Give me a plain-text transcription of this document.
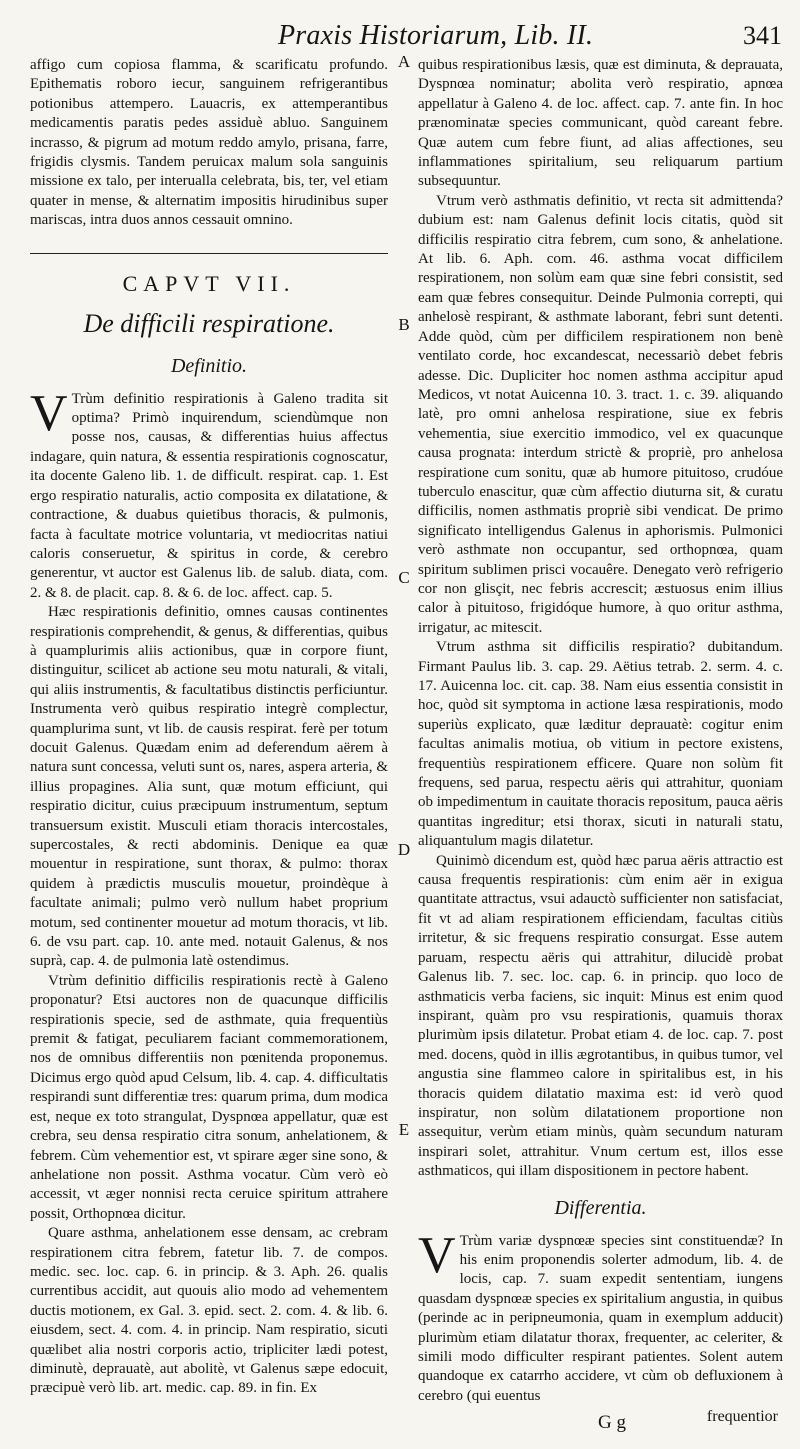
Praxis Historiarum, Lib. II.	341

affigo cum copiosa flamma, & scarificatu profundo. Epithematis roboro iecur, sanguinem refrigerantibus potionibus attempero. Lauacris, ex attemperantibus medicamentis paratis pedes assiduè abluo. Sanguinem incrasso, & pigrum ad motum reddo amylo, prisana, farre, frigidis clysmis. Tandem peruicax malum sola sanguinis missione ex talo, per interualla celebrata, bis, ter, vel etiam quater in mense, & alternatim impositis hirudinibus super mariscas, intra duos annos cessauit omnino.

CAPVT VII.
De difficili respiratione.
Definitio.

V Trùm definitio respirationis à Galeno tradita sit optima? Primò inquirendum, sciendùmque non posse nos, causas, & differentias huius affectus indagare, quin natura, & essentia respirationis cognoscatur, ita docente Galeno lib. 1. de difficult. respirat. cap. 1. Est ergo respiratio naturalis, actio composita ex dilatatione, & contractione, & duabus quietibus thoracis, & pulmonis, facta à facultate motrice voluntaria, vt mediocritas natiui caloris conseruetur, & spiritus in corde, & cerebro generentur, vt auctor est Galenus lib. de salub. diata, com. 2. & 8. de placit. cap. 8. & 6. de loc. affect. cap. 5.

Hæc respirationis definitio, omnes causas continentes respirationis comprehendit, & genus, & differentias, quibus à quamplurimis aliis actionibus, quæ in corpore fiunt, distinguitur, scilicet ab actione seu motu naturali, & vitali, qui aliis instrumentis, & facultatibus distinctis perficiuntur. Instrumenta verò quibus respiratio integrè complectur, quamplurima sunt, vt lib. de causis respirat. ferè per totum docuit Galenus. Quædam enim ad deferendum aërem à natura sunt concessa, veluti sunt os, nares, aspera arteria, & illius propagines. Alia sunt, quæ motum efficiunt, qui respiratio dicitur, cuius præcipuum instrumentum, septum transuersum existit. Musculi etiam thoracis intercostales, supercostales, & recti abdominis. Denique ea quæ mouentur in respiratione, sunt thorax, & pulmo: thorax quidem à prædictis musculis mouetur, proindèque à facultate animali; pulmo verò nullum habet proprium motum, sed continenter mouetur ad motum thoracis, vt lib. 6. de vsu part. cap. 10. ante med. notauit Galenus, & nos suprà, cap. 4. de pulmonia latè ostendimus.

Vtrùm definitio difficilis respirationis rectè à Galeno proponatur? Etsi auctores non de quacunque difficilis respirationis specie, sed de asthmate, quia frequentiùs premit & fatigat, peculiarem faciant commemorationem, nos de omnibus differentiis non pœnitenda proponemus. Dicimus ergo quòd apud Celsum, lib. 4. cap. 4. difficultatis respirandi sunt differentiæ tres: quarum prima, dum modica est, neque ex toto strangulat, Dyspnœa appellatur, quæ est crebra, seu densa respiratio citra sonum, anhelationem, & febrem. Cùm vehementior est, vt spirare æger sine sono, & anhelatione non possit. Asthma vocatur. Cùm verò eò accessit, vt æger nonnisi recta ceruice spiritum attrahere possit, Orthopnœa dicitur.

Quare asthma, anhelationem esse densam, ac crebram respirationem citra febrem, fatetur lib. 7. de compos. medic. sec. loc. cap. 6. in princip. & 3. Aph. 26. qualis currentibus accidit, aut quouis alio modo ad vehementem ductis motionem, ex Gal. 3. epid. sect. 2. com. 4. & lib. 6. eiusdem, sect. 4. com. 4. in princip. Nam respiratio, sicuti quælibet alia nostri corporis actio, tripliciter lædi potest, diminutè, deprauatè, aut abolitè, vt Galenus sæpe edocuit, præcipuè verò lib. art. medic. cap. 89. in fin. Ex

A
B
C
D
E

quibus respirationibus læsis, quæ est diminuta, & deprauata, Dyspnœa nominatur; abolita verò respiratio, apnœa appellatur à Galeno 4. de loc. affect. cap. 7. ante fin. In hoc prænominatæ species communicant, quòd careant febre. Quæ autem cum febre fiunt, ad alias affectiones, seu inflammationes spiritalium, seu reliquarum partium subsequuntur.

Vtrum verò asthmatis definitio, vt recta sit admittenda? dubium est: nam Galenus definit locis citatis, quòd sit difficilis respiratio citra febrem, cum sono, & anhelatione. At lib. 6. Aph. com. 46. asthma vocat difficilem respirationem, non solùm eam quæ sine febri consistit, sed eam quæ febres consequitur. Deinde Pulmonia correpti, qui anhelosè respirant, & asthmate laborant, febri sunt detenti. Adde quòd, cùm per difficilem respirationem non benè ventilato corde, hoc excandescat, necessariò debet febris adesse. Dic. Dupliciter hoc nomen asthma accipitur apud Medicos, vt notat Auicenna 10. 3. tract. 1. c. 39. aliquando latè, pro omni anhelosa respiratione, siue ex febris vehementia, siue exercitio immodico, vel ex quacunque causa prognata: interdum strictè & propriè, pro anhelosa respiratione cum sonitu, quæ ab humore pituitoso, crudóue tuberculo enascitur, quæ cùm affectio diuturna sit, & curatu difficilis, nomen asthmatis propriè sibi vendicat. De primo significato intelligendus Galenus in aphorismis. Pulmonici verò asthmate non occupantur, sed orthopnœa, quam spiritum sublimen prisci vocauêre. Denegato verò refrigerio cor non glisçit, nec febris accrescit; æstuosus enim illius calor à pituitoso, frigidóque humore, à quo oritur asthma, irrigatur, ac mitescit.

Vtrum asthma sit difficilis respiratio? dubitandum. Firmant Paulus lib. 3. cap. 29. Aëtius tetrab. 2. serm. 4. c. 17. Auicenna loc. cit. cap. 38. Nam eius essentia consistit in hoc, quòd sit symptoma in actione læsa respirationis, modo superiùs explicato, quæ læditur deprauatè: cogitur enim facultas animalis motiua, ob vitium in pectore existens, frequentiùs respirationem efficere. Quare non solùm fit frequens, sed parua, respectu aëris qui attrahitur, quoniam ob impedimentum in cauitate thoracis repositum, pauca aëris quantitas ingreditur; etsi thorax, sicuti in naturali statu, aliquantulum magis dilatetur.

Quinimò dicendum est, quòd hæc parua aëris attractio est causa frequentis respirationis: cùm enim aër in exigua quantitate attractus, vsui adauctò sufficienter non satisfaciat, fit vt ad aliam respirationem efficiendam, facultas citiùs irritetur, & sic frequens respiratio consurgat. Esse autem paruam, respectu aëris qui attrahitur, dilucidè probat Galenus lib. 7. sec. loc. cap. 6. in princip. quo loco de asthmaticis verba faciens, sic inquit: Minus est enim quod inspirant, quàm pro vsu respirationis, quamuis thorax plurimùm ipsis dilatetur. Probat etiam 4. de loc. cap. 7. post med. docens, quòd in illis ægrotantibus, in quibus tumor, vel angustia sine flammeo calore in spiritalibus est, in his thoracis quidem dilatatio maxima est: id verò quod inspiratur, non solùm dilatationem proportione non assequitur, verùm etiam minùs, quàm secundum naturam inspirari solet, attrahitur. Vnum certum est, illos esse asthmaticos, qui illam dispositionem in pectore habent.

Differentia.

V Trùm variæ dyspnœæ species sint constituendæ? In his enim proponendis solerter admodum, lib. 4. de locis, cap. 7. suam expedit sententiam, iungens quasdam dyspnœæ species ex spiritalium angustia, in quibus (perinde ac in peripneumonia, quam in exemplum adducit) plurimùm etiam dilatatur thorax, frequenter, ac celeriter, & simili modo difficulter respirant patientes. Solent autem quandoque ex catarrho accidere, vt cùm ob defluxionem à cerebro (qui euentus

G g	frequentior
